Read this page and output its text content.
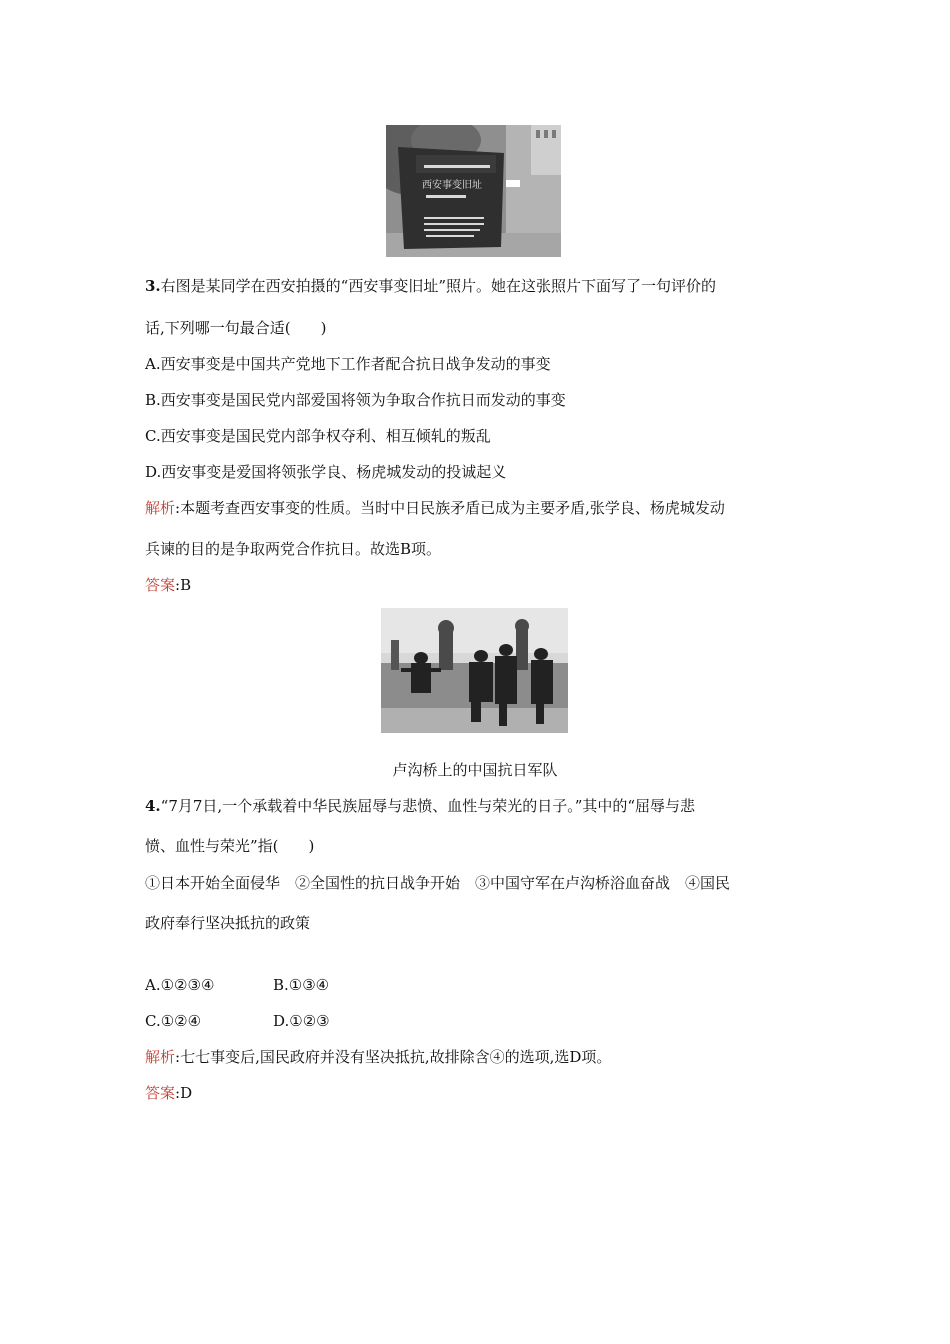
西安事变旧址
3.右图是某同学在西安拍摄的“西安事变旧址”照片。她在这张照片下面写了一句评价的
话,下列哪一句最合适(　　)
A.西安事变是中国共产党地下工作者配合抗日战争发动的事变
B.西安事变是国民党内部爱国将领为争取合作抗日而发动的事变
C.西安事变是国民党内部争权夺利、相互倾轧的叛乱
D.西安事变是爱国将领张学良、杨虎城发动的投诚起义
解析:本题考查西安事变的性质。当时中日民族矛盾已成为主要矛盾,张学良、杨虎城发动
兵谏的目的是争取两党合作抗日。故选B项。
答案:B
卢沟桥上的中国抗日军队
4.“7月7日,一个承载着中华民族屈辱与悲愤、血性与荣光的日子。”其中的“屈辱与悲
愤、血性与荣光”指(　　)
①日本开始全面侵华　②全国性的抗日战争开始　③中国守军在卢沟桥浴血奋战　④国民
政府奉行坚决抵抗的政策
A.①②③④	B.①③④
C.①②④	D.①②③
解析:七七事变后,国民政府并没有坚决抵抗,故排除含④的选项,选D项。
答案:D
